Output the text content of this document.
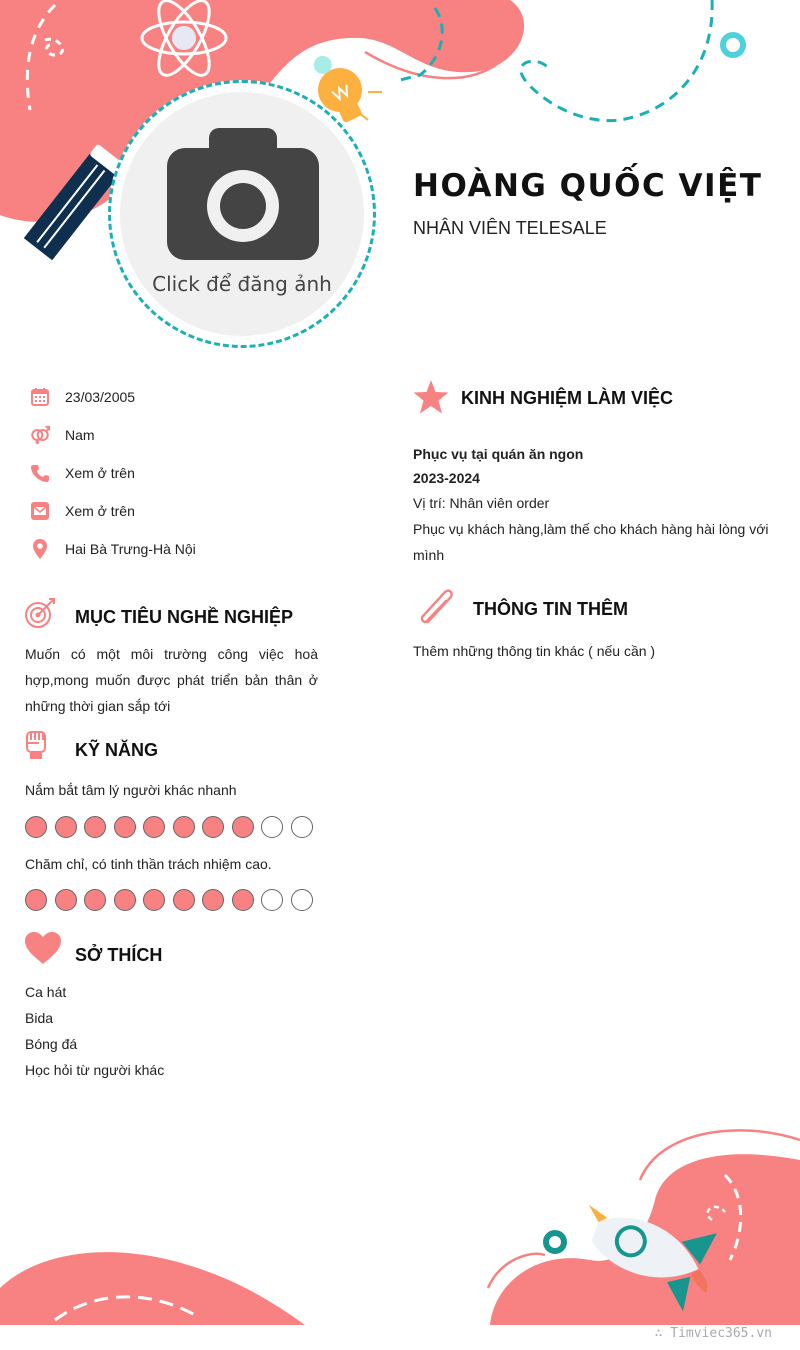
Click để đăng ảnh
HOÀNG QUỐC VIỆT
NHÂN VIÊN TELESALE
23/03/2005
Nam
Xem ở trên
Xem ở trên
Hai Bà Trưng-Hà Nội
MỤC TIÊU NGHỀ NGHIỆP
Muốn có một môi trường công việc hoà hợp,mong muốn được phát triển bản thân ở những thời gian sắp tới
KỸ NĂNG
Nắm bắt tâm lý người khác nhanh
Chăm chỉ, có tinh thần trách nhiệm cao.
SỞ THÍCH
Ca hát
Bida
Bóng đá
Học hỏi từ người khác
KINH NGHIỆM LÀM VIỆC
Phục vụ tại quán ăn ngon
2023-2024
Vị trí: Nhân viên order
Phục vụ khách hàng,làm thế cho khách hàng hài lòng với mình
THÔNG TIN THÊM
Thêm những thông tin khác ( nếu cần )
∴ Timviec365.vn
